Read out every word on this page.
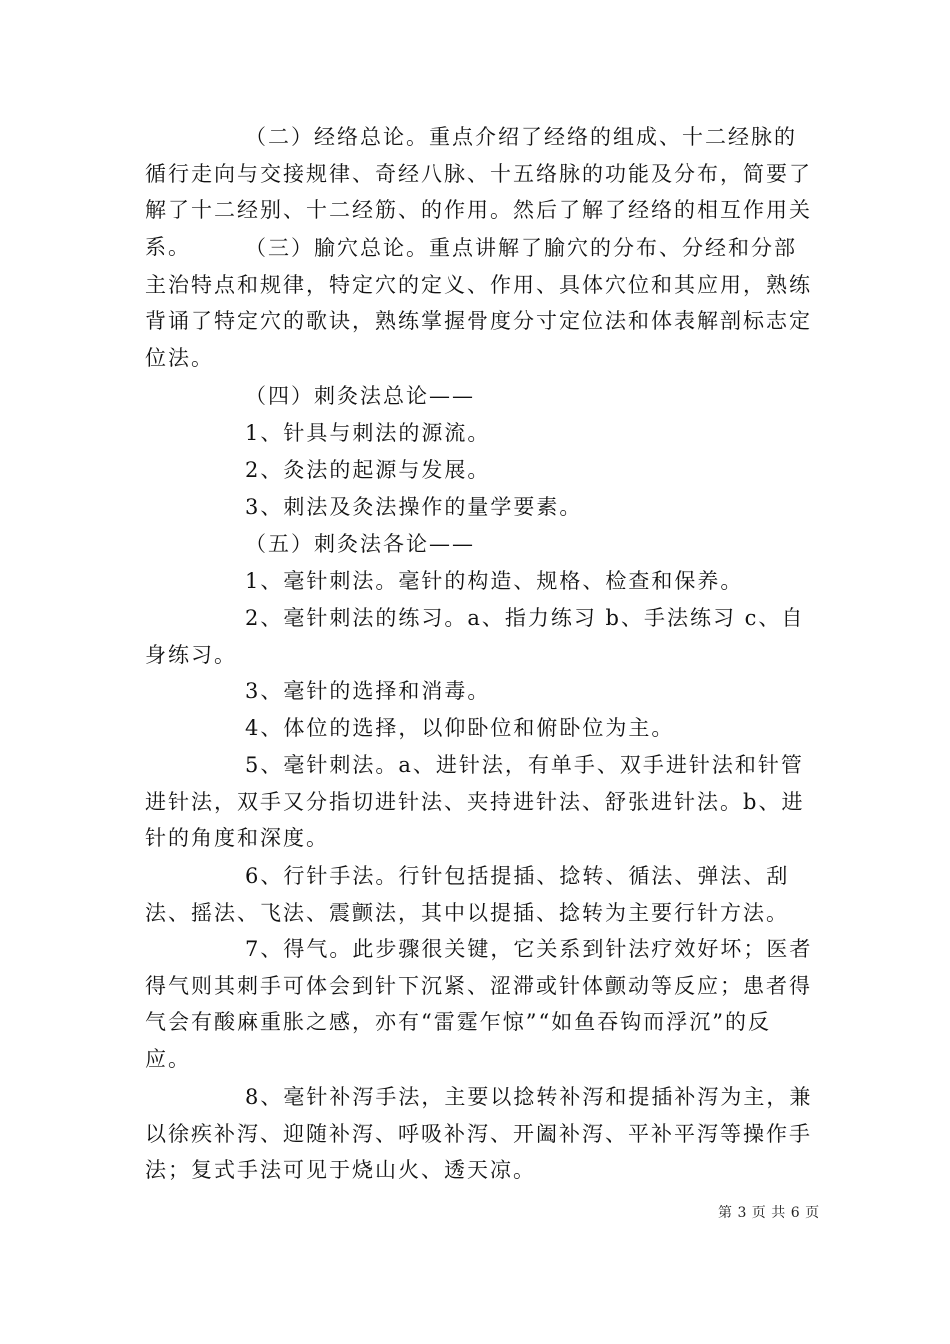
（二）经络总论。重点介绍了经络的组成、十二经脉的循行走向与交接规律、奇经八脉、十五络脉的功能及分布，简要了解了十二经别、十二经筋、的作用。然后了解了经络的相互作用关系。	（三）腧穴总论。重点讲解了腧穴的分布、分经和分部主治特点和规律，特定穴的定义、作用、具体穴位和其应用，熟练背诵了特定穴的歌诀，熟练掌握骨度分寸定位法和体表解剖标志定位法。

（四）刺灸法总论——

1、针具与刺法的源流。

2、灸法的起源与发展。

3、刺法及灸法操作的量学要素。

（五）刺灸法各论——

1、毫针刺法。毫针的构造、规格、检查和保养。

2、毫针刺法的练习。a、指力练习 b、手法练习 c、自身练习。

3、毫针的选择和消毒。

4、体位的选择，以仰卧位和俯卧位为主。

5、毫针刺法。a、进针法，有单手、双手进针法和针管进针法，双手又分指切进针法、夹持进针法、舒张进针法。b、进针的角度和深度。

6、行针手法。行针包括提插、捻转、循法、弹法、刮法、摇法、飞法、震颤法，其中以提插、捻转为主要行针方法。

7、得气。此步骤很关键，它关系到针法疗效好坏；医者得气则其刺手可体会到针下沉紧、涩滞或针体颤动等反应；患者得气会有酸麻重胀之感，亦有“雷霆乍惊”“如鱼吞钩而浮沉”的反应。

8、毫针补泻手法，主要以捻转补泻和提插补泻为主，兼以徐疾补泻、迎随补泻、呼吸补泻、开阖补泻、平补平泻等操作手法；复式手法可见于烧山火、透天凉。

第 3 页 共 6 页
